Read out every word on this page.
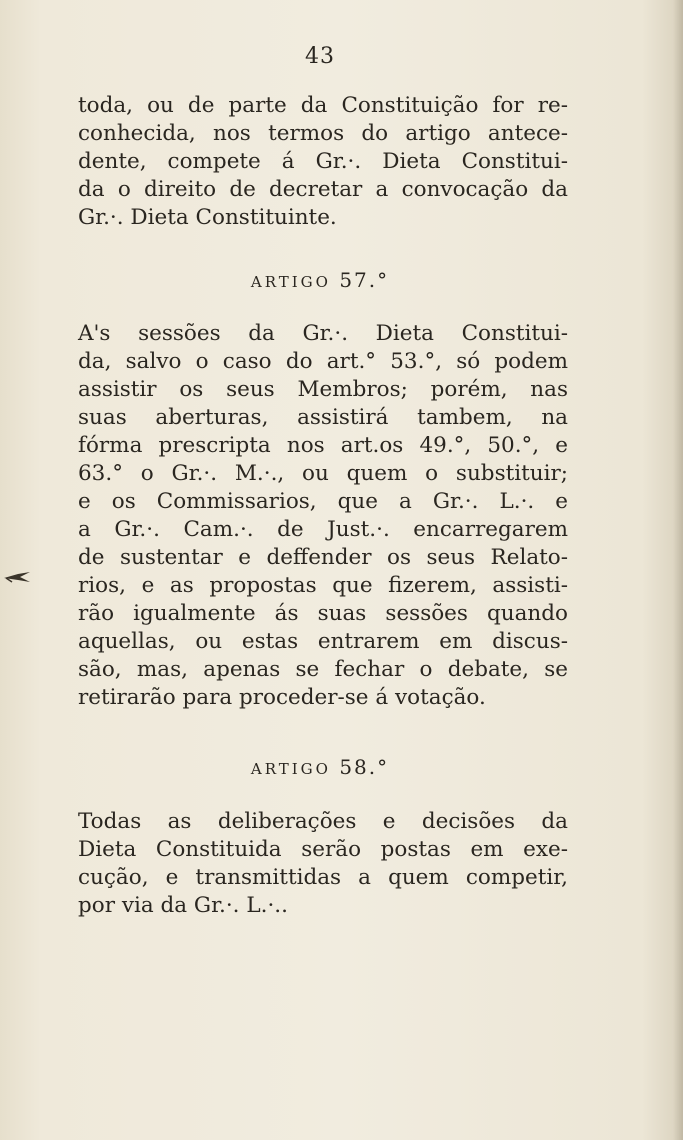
43
toda, ou de parte da Constituição for re-
conhecida, nos termos do artigo antece-
dente, compete á Gr.·. Dieta Constitui-
da o direito de decretar a convocação da
Gr.·. Dieta Constituinte.
ARTIGO 57.°
A's sessões da Gr.·. Dieta Constitui-
da, salvo o caso do art.° 53.°, só podem
assistir os seus Membros; porém, nas
suas aberturas, assistirá tambem, na
fórma prescripta nos art.os 49.°, 50.°, e
63.° o Gr.·. M.·., ou quem o substituir;
e os Commissarios, que a Gr.·. L.·. e
a Gr.·. Cam.·. de Just.·. encarregarem
de sustentar e deffender os seus Relato-
rios, e as propostas que fizerem, assisti-
rão igualmente ás suas sessões quando
aquellas, ou estas entrarem em discus-
são, mas, apenas se fechar o debate, se
retirarão para proceder-se á votação.
ARTIGO 58.°
Todas as deliberações e decisões da
Dieta Constituida serão postas em exe-
cução, e transmittidas a quem competir,
por via da Gr.·. L.·..
